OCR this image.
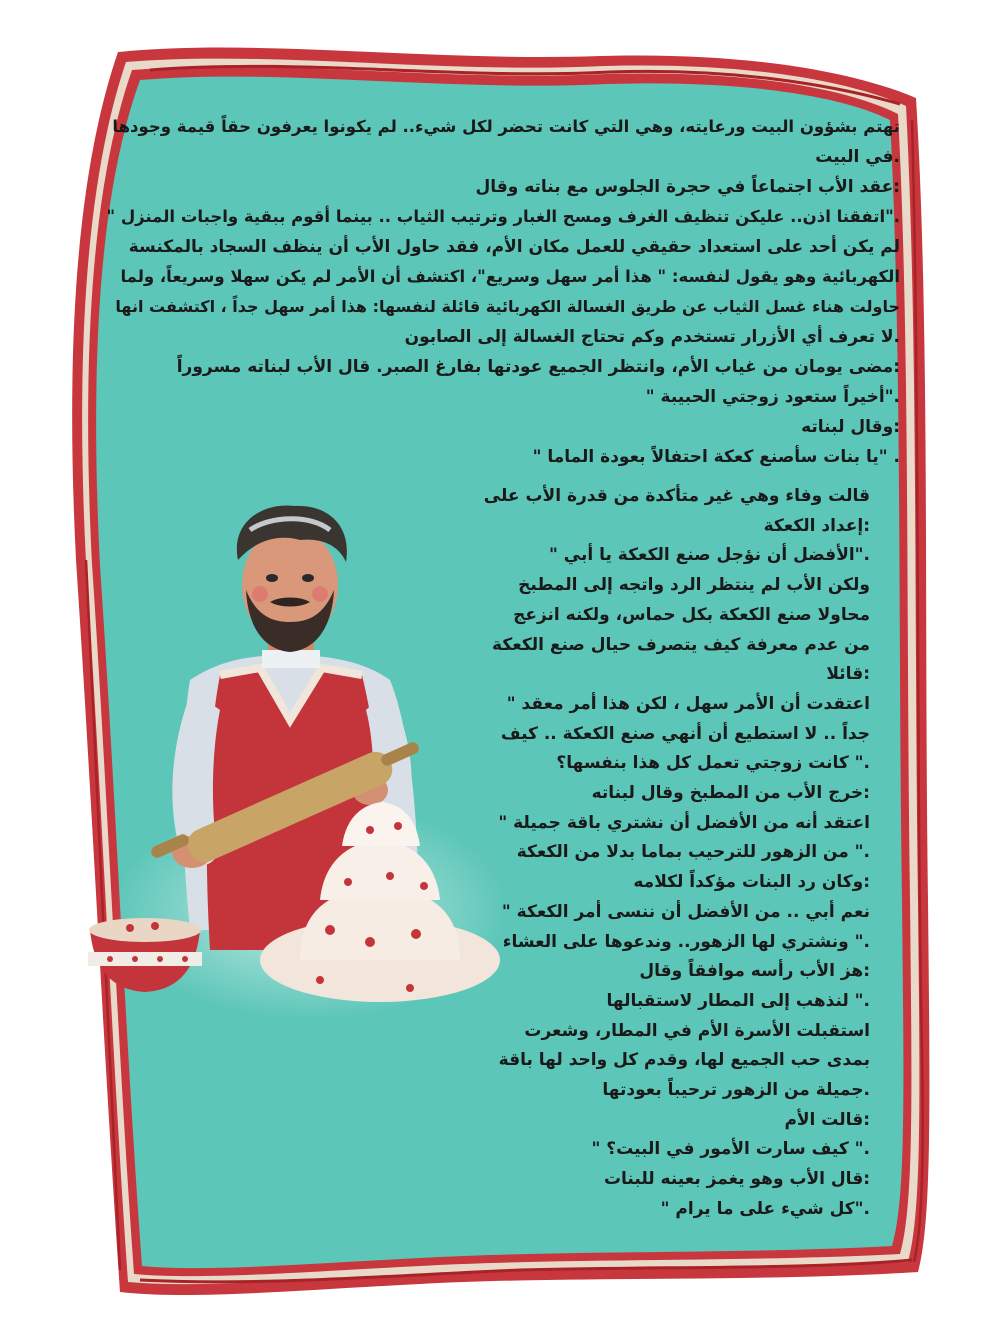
تهتم بشؤون البيت ورعايته، وهي التي كانت تحضر لكل شيء.. لم يكونوا يعرفون حقاً قيمة وجودها
.في البيت
:عقد الأب اجتماعاً في حجرة الجلوس مع بناته وقال
."اتفقنا اذن.. عليكن تنظيف الغرف ومسح الغبار وترتيب الثياب .. بينما أقوم ببقية واجبات المنزل "
لم يكن أحد على استعداد حقيقي للعمل مكان الأم، فقد حاول الأب أن ينظف السجاد بالمكنسة
الكهربائية وهو يقول لنفسه: " هذا أمر سهل وسريع"، اكتشف أن الأمر لم يكن سهلا وسريعاً، ولما
حاولت هناء غسل الثياب عن طريق الغسالة الكهربائية قائلة لنفسها: هذا أمر سهل جداً ، اكتشفت انها
.لا تعرف أي الأزرار تستخدم وكم تحتاج الغسالة إلى الصابون
:مضى يومان من غياب الأم، وانتظر الجميع عودتها بفارغ الصبر. قال الأب لبناته مسروراً
."أخيراً ستعود زوجتي الحبيبة "
:وقال لبناته
. "يا بنات سأصنع كعكة احتفالاً بعودة الماما "
قالت وفاء وهي غير متأكدة من قدرة الأب على
:إعداد الكعكة
."الأفضل أن نؤجل صنع الكعكة يا أبي "
ولكن الأب لم ينتظر الرد واتجه إلى المطبخ
محاولا صنع الكعكة بكل حماس، ولكنه انزعج
من عدم معرفة كيف يتصرف حيال صنع الكعكة
:قائلا
اعتقدت أن الأمر سهل ، لكن هذا أمر معقد "
جداً .. لا استطيع أن أنهي صنع الكعكة .. كيف
." كانت زوجتي تعمل كل هذا بنفسها؟
:خرج الأب من المطبخ وقال لبناته
اعتقد أنه من الأفضل أن نشتري باقة جميلة "
." من الزهور للترحيب بماما بدلا من الكعكة
:وكان رد البنات مؤكداً لكلامه
نعم أبي .. من الأفضل أن ننسى أمر الكعكة "
." ونشتري لها الزهور.. وندعوها على العشاء
:هز الأب رأسه موافقاً وقال
." لنذهب إلى المطار لاستقبالها
استقبلت الأسرة الأم في المطار، وشعرت
بمدى حب الجميع لها، وقدم كل واحد لها باقة
.جميلة من الزهور ترحيباً بعودتها
:قالت الأم
." كيف سارت الأمور في البيت؟ "
:قال الأب وهو يغمز بعينه للبنات
."كل شيء على ما يرام "
